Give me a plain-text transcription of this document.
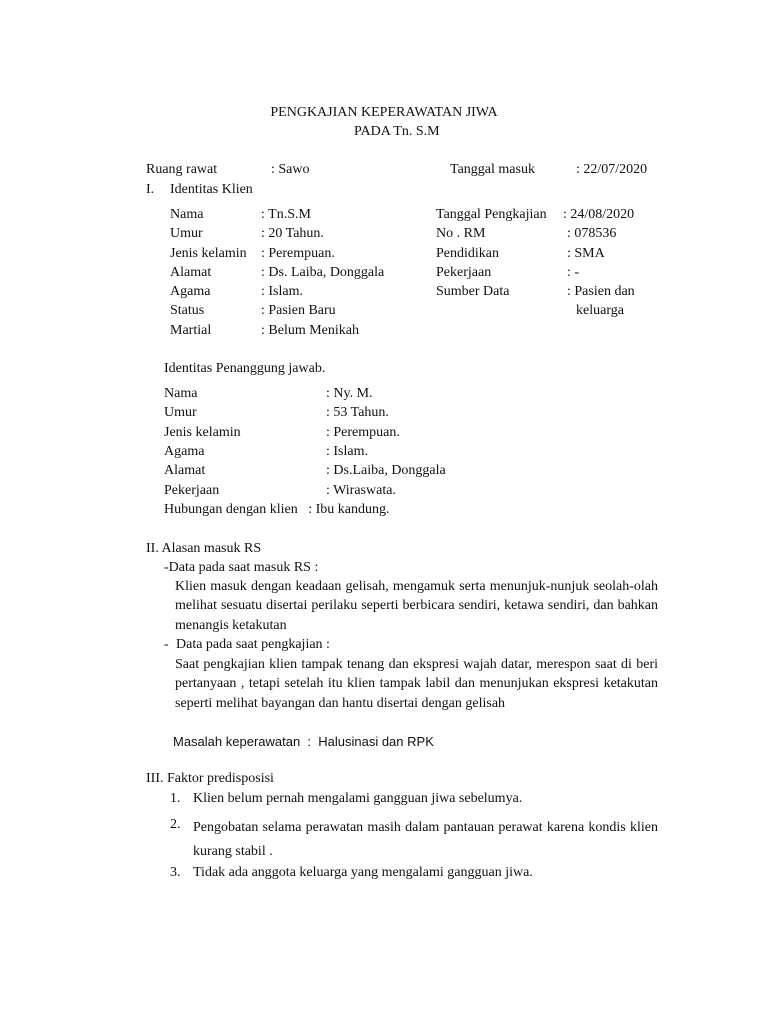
PENGKAJIAN KEPERAWATAN JIWA
PADA Tn. S.M
Ruang rawat	: Sawo	Tanggal masuk	: 22/07/2020
I. Identitas Klien
Nama	: Tn.S.M
Umur	: 20 Tahun.
Jenis kelamin : Perempuan.
Alamat	: Ds. Laiba, Donggala
Agama	: Islam.
Status	: Pasien Baru
Martial	: Belum Menikah
Tanggal Pengkajian : 24/08/2020
No . RM	: 078536
Pendidikan	: SMA
Pekerjaan	: -
Sumber Data	: Pasien dan
keluarga
Identitas Penanggung jawab.
Nama	: Ny. M.
Umur	: 53 Tahun.
Jenis kelamin	: Perempuan.
Agama	: Islam.
Alamat	: Ds.Laiba, Donggala
Pekerjaan	: Wiraswata.
Hubungan dengan klien   : Ibu kandung.
II. Alasan masuk RS
-Data pada saat masuk RS :
Klien masuk dengan keadaan gelisah, mengamuk serta menunjuk-nunjuk seolah-olah melihat sesuatu disertai perilaku seperti berbicara sendiri, ketawa sendiri, dan bahkan menangis ketakutan
- Data pada saat pengkajian :
Saat pengkajian klien tampak tenang dan ekspresi wajah datar, merespon saat di beri pertanyaan , tetapi setelah itu klien tampak labil dan menunjukan ekspresi ketakutan seperti melihat bayangan dan hantu disertai dengan gelisah
Masalah keperawatan  :  Halusinasi dan RPK
III. Faktor predisposisi
1. Klien belum pernah mengalami gangguan jiwa sebelumya.
2. Pengobatan selama perawatan masih dalam pantauan perawat karena kondis klien kurang stabil .
3. Tidak ada anggota keluarga yang mengalami gangguan jiwa.
